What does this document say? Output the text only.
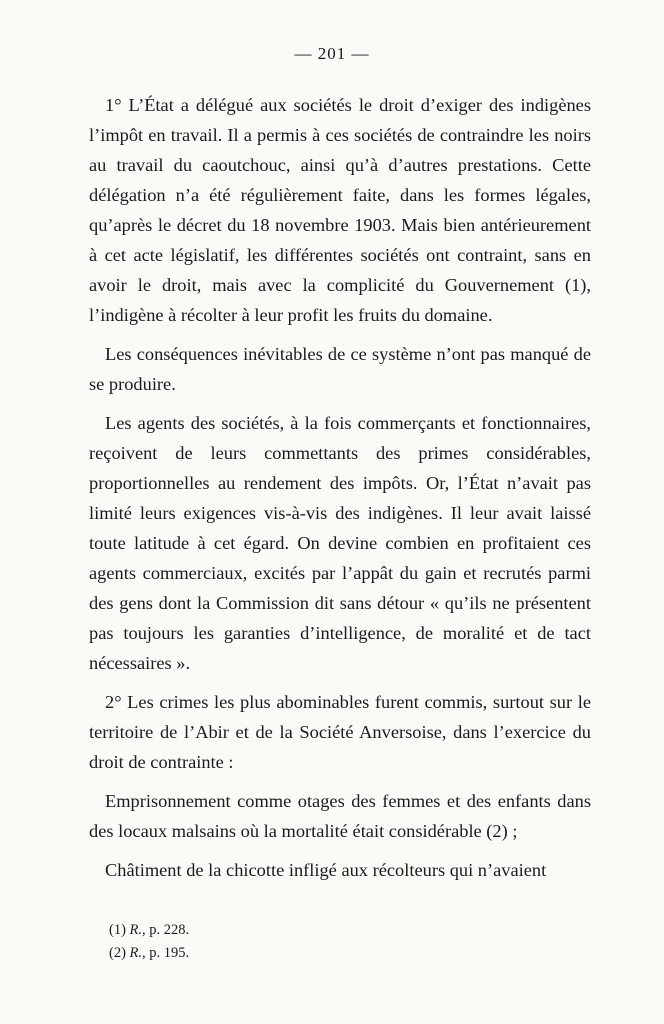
— 201 —

1° L’État a délégué aux sociétés le droit d’exiger des indigènes l’impôt en travail. Il a permis à ces sociétés de contraindre les noirs au travail du caoutchouc, ainsi qu’à d’autres prestations. Cette délégation n’a été régulièrement faite, dans les formes légales, qu’après le décret du 18 novembre 1903. Mais bien antérieurement à cet acte législatif, les différentes sociétés ont contraint, sans en avoir le droit, mais avec la complicité du Gouvernement (1), l’indigène à récolter à leur profit les fruits du domaine.

Les conséquences inévitables de ce système n’ont pas manqué de se produire.

Les agents des sociétés, à la fois commerçants et fonctionnaires, reçoivent de leurs commettants des primes considérables, proportionnelles au rendement des impôts. Or, l’État n’avait pas limité leurs exigences vis-à-vis des indigènes. Il leur avait laissé toute latitude à cet égard. On devine combien en profitaient ces agents commerciaux, excités par l’appât du gain et recrutés parmi des gens dont la Commission dit sans détour « qu’ils ne présentent pas toujours les garanties d’intelligence, de moralité et de tact nécessaires ».

2° Les crimes les plus abominables furent commis, surtout sur le territoire de l’Abir et de la Société Anversoise, dans l’exercice du droit de contrainte :

Emprisonnement comme otages des femmes et des enfants dans des locaux malsains où la mortalité était considérable (2) ;

Châtiment de la chicotte infligé aux récolteurs qui n’avaient

(1) R., p. 228.
(2) R., p. 195.
